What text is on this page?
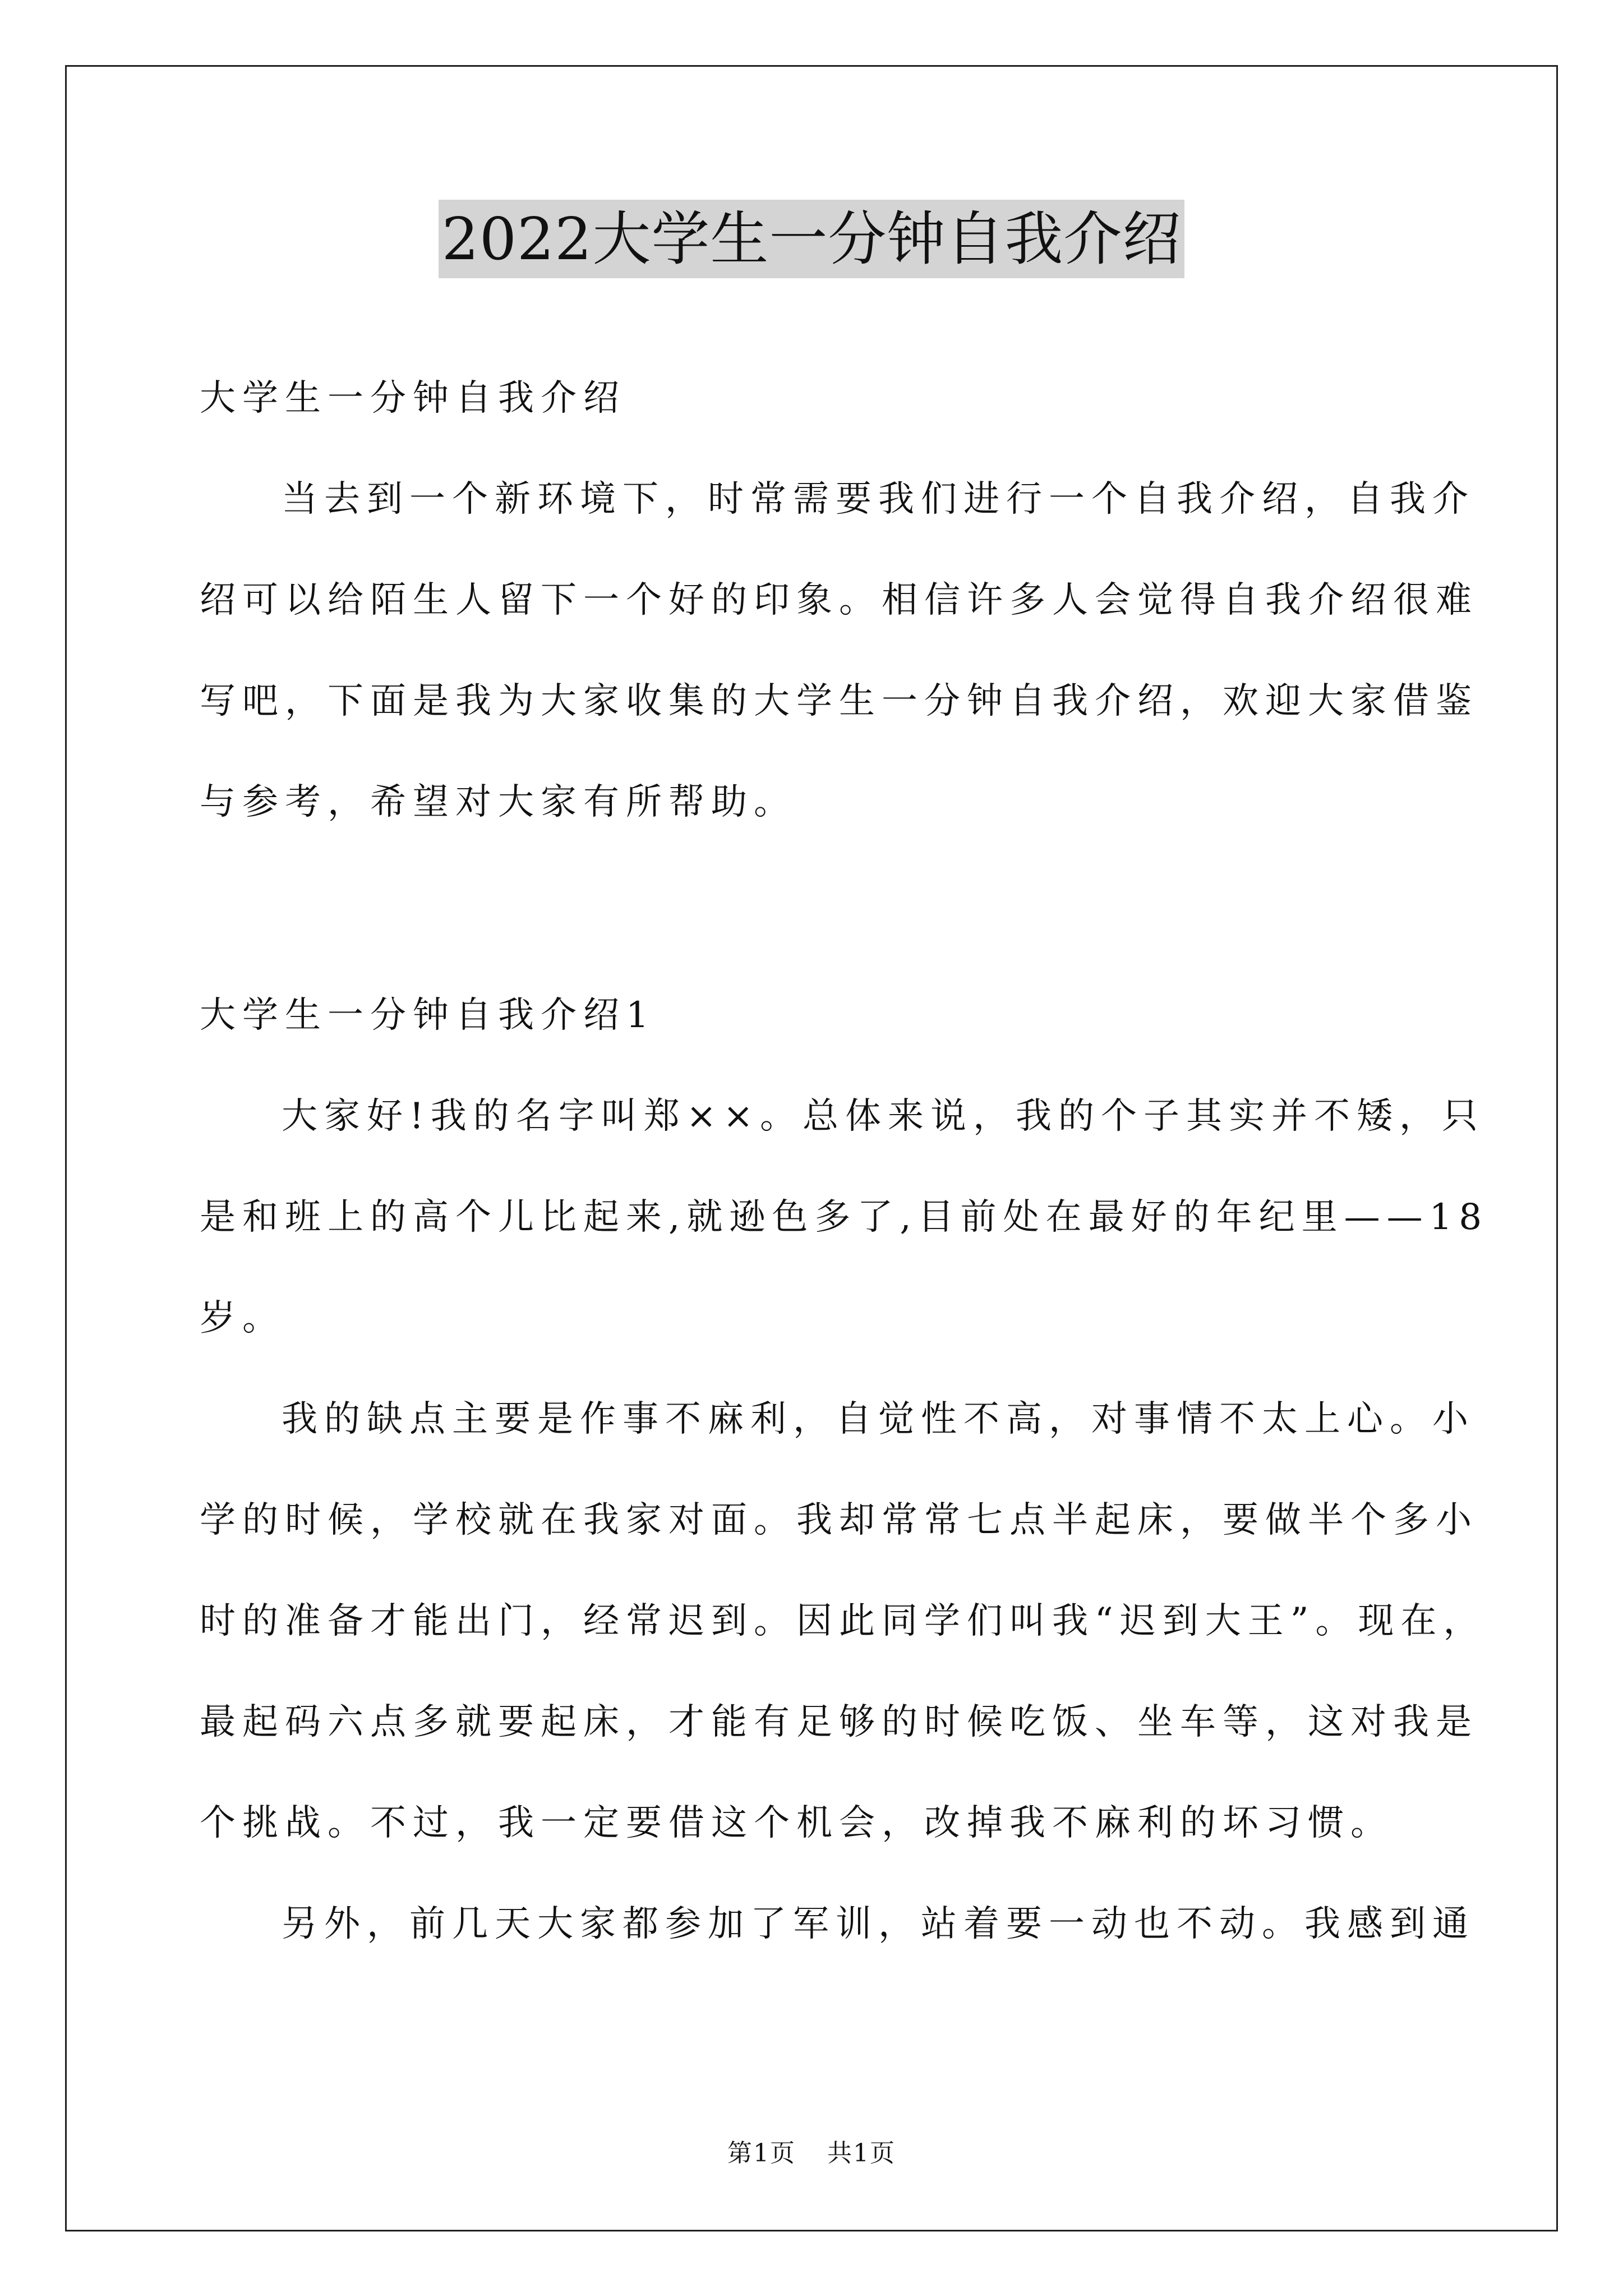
2022大学生一分钟自我介绍
大学生一分钟自我介绍
当去到一个新环境下，时常需要我们进行一个自我介绍，自我介
绍可以给陌生人留下一个好的印象。相信许多人会觉得自我介绍很难
写吧，下面是我为大家收集的大学生一分钟自我介绍，欢迎大家借鉴
与参考，希望对大家有所帮助。
大学生一分钟自我介绍1
大家好!我的名字叫郑××。总体来说，我的个子其实并不矮，只
是和班上的高个儿比起来,就逊色多了,目前处在最好的年纪里——18
岁。
我的缺点主要是作事不麻利，自觉性不高，对事情不太上心。小
学的时候，学校就在我家对面。我却常常七点半起床，要做半个多小
时的准备才能出门，经常迟到。因此同学们叫我“迟到大王”。现在，
最起码六点多就要起床，才能有足够的时候吃饭、坐车等，这对我是
个挑战。不过，我一定要借这个机会，改掉我不麻利的坏习惯。
另外，前几天大家都参加了军训，站着要一动也不动。我感到通
第1页 共1页
